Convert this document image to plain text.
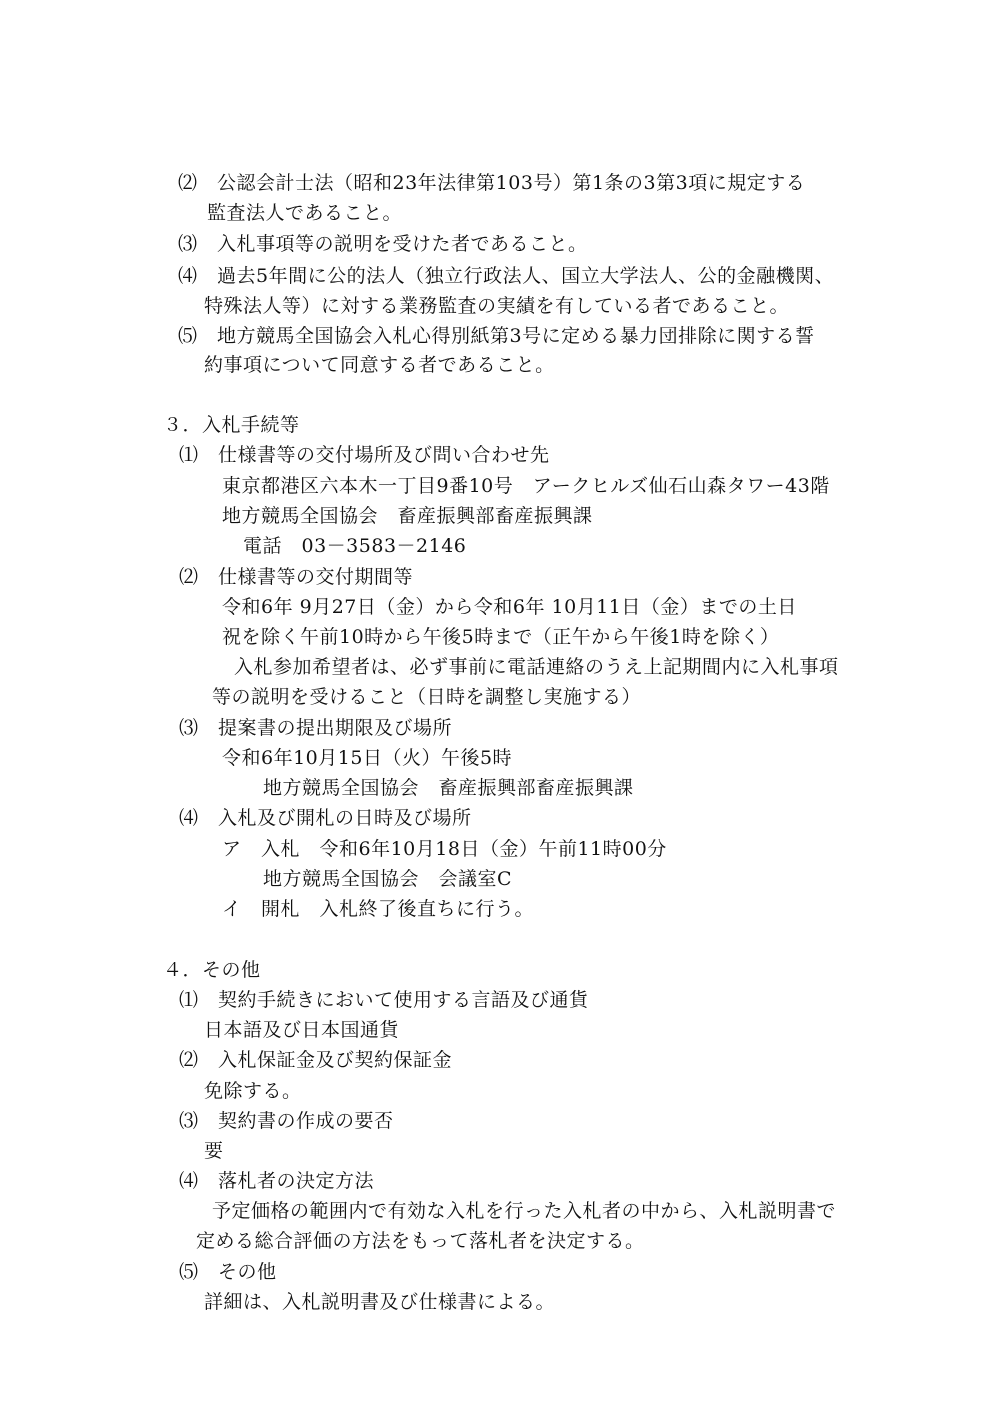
⑵　公認会計士法（昭和23年法律第103号）第1条の3第3項に規定する
監査法人であること。
⑶　入札事項等の説明を受けた者であること。
⑷　過去5年間に公的法人（独立行政法人、国立大学法人、公的金融機関、
特殊法人等）に対する業務監査の実績を有している者であること。
⑸　地方競馬全国協会入札心得別紙第3号に定める暴力団排除に関する誓
約事項について同意する者であること。
３．入札手続等
⑴　仕様書等の交付場所及び問い合わせ先
東京都港区六本木一丁目9番10号　アークヒルズ仙石山森タワー43階
地方競馬全国協会　畜産振興部畜産振興課
電話　03－3583－2146
⑵　仕様書等の交付期間等
令和6年 9月27日（金）から令和6年 10月11日（金）までの土日
祝を除く午前10時から午後5時まで（正午から午後1時を除く）
入札参加希望者は、必ず事前に電話連絡のうえ上記期間内に入札事項
等の説明を受けること（日時を調整し実施する）
⑶　提案書の提出期限及び場所
令和6年10月15日（火）午後5時
地方競馬全国協会　畜産振興部畜産振興課
⑷　入札及び開札の日時及び場所
ア　入札　令和6年10月18日（金）午前11時00分
地方競馬全国協会　会議室C
イ　開札　入札終了後直ちに行う。
４．その他
⑴　契約手続きにおいて使用する言語及び通貨
日本語及び日本国通貨
⑵　入札保証金及び契約保証金
免除する。
⑶　契約書の作成の要否
要
⑷　落札者の決定方法
予定価格の範囲内で有効な入札を行った入札者の中から、入札説明書で
定める総合評価の方法をもって落札者を決定する。
⑸　その他
詳細は、入札説明書及び仕様書による。
